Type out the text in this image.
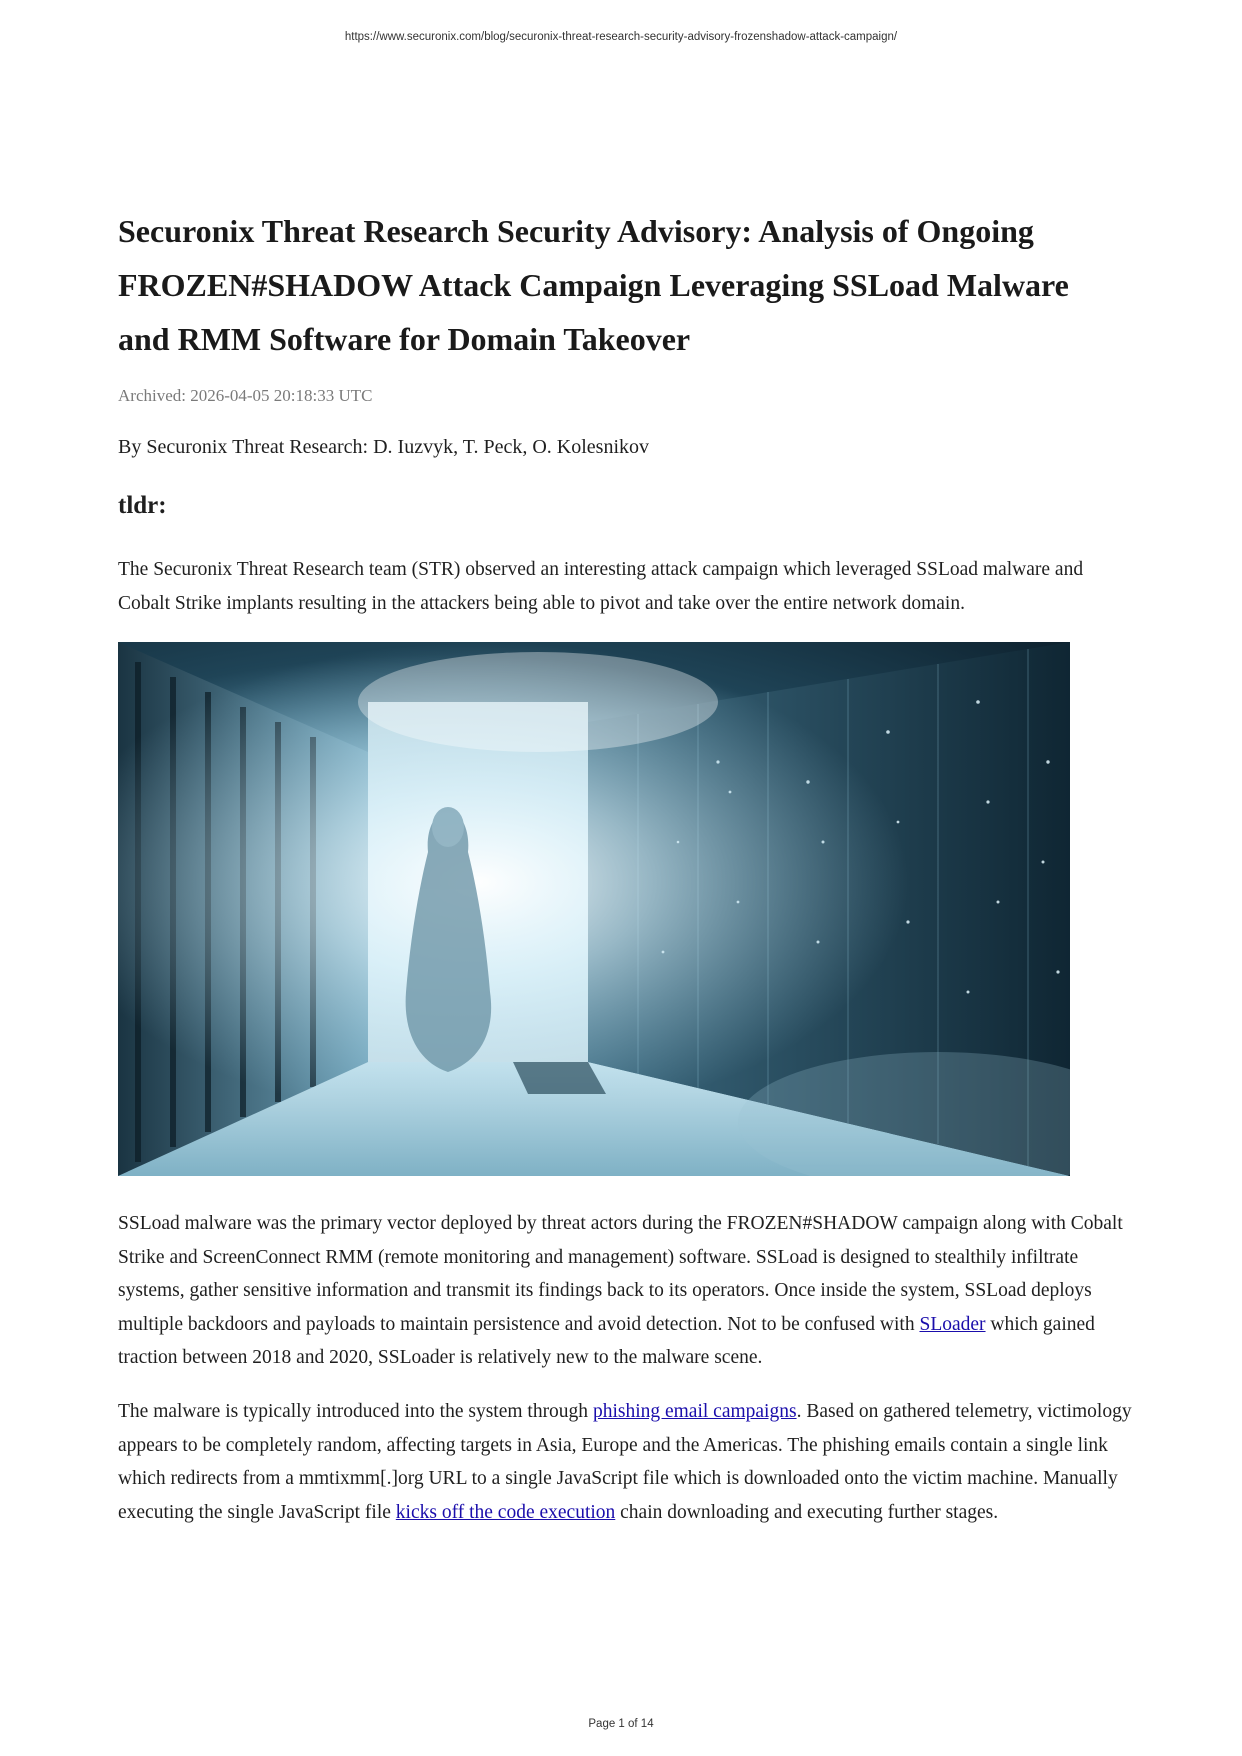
https://www.securonix.com/blog/securonix-threat-research-security-advisory-frozenshadow-attack-campaign/
Securonix Threat Research Security Advisory: Analysis of Ongoing FROZEN#SHADOW Attack Campaign Leveraging SSLoad Malware and RMM Software for Domain Takeover
Archived: 2026-04-05 20:18:33 UTC
By Securonix Threat Research: D. Iuzvyk, T. Peck, O. Kolesnikov
tldr:

The Securonix Threat Research team (STR) observed an interesting attack campaign which leveraged SSLoad malware and Cobalt Strike implants resulting in the attackers being able to pivot and take over the entire network domain.

SSLoad malware was the primary vector deployed by threat actors during the FROZEN#SHADOW campaign along with Cobalt Strike and ScreenConnect RMM (remote monitoring and management) software. SSLoad is designed to stealthily infiltrate systems, gather sensitive information and transmit its findings back to its operators. Once inside the system, SSLoad deploys multiple backdoors and payloads to maintain persistence and avoid detection. Not to be confused with SLoader which gained traction between 2018 and 2020, SSLoader is relatively new to the malware scene.

The malware is typically introduced into the system through phishing email campaigns. Based on gathered telemetry, victimology appears to be completely random, affecting targets in Asia, Europe and the Americas. The phishing emails contain a single link which redirects from a mmtixmm[.]org URL to a single JavaScript file which is downloaded onto the victim machine. Manually executing the single JavaScript file kicks off the code execution chain downloading and executing further stages.

Page 1 of 14
